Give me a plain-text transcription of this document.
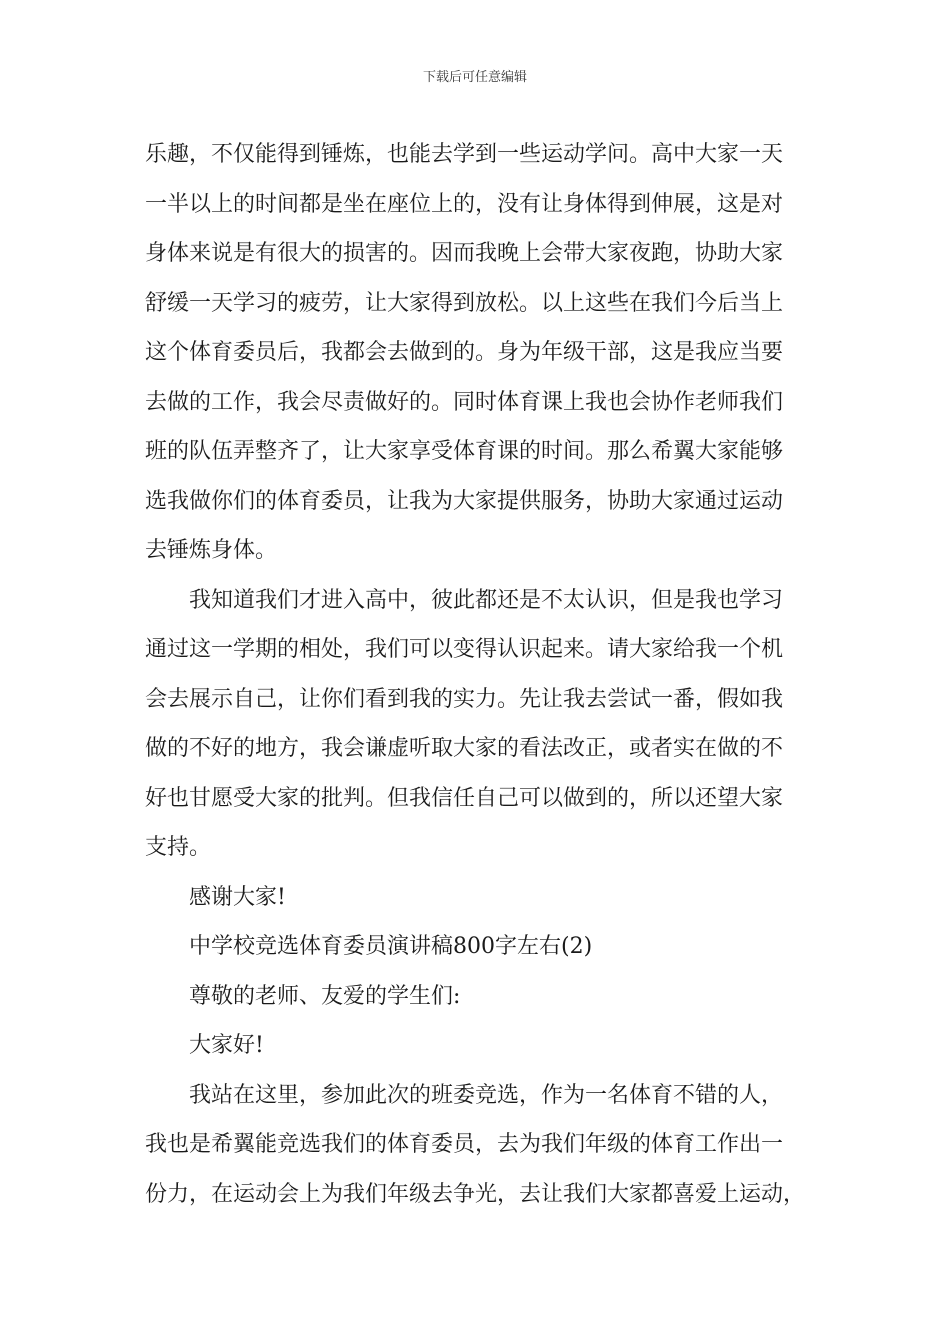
下载后可任意编辑

乐趣，不仅能得到锤炼，也能去学到一些运动学问。高中大家一天
一半以上的时间都是坐在座位上的，没有让身体得到伸展，这是对
身体来说是有很大的损害的。因而我晚上会带大家夜跑，协助大家
舒缓一天学习的疲劳，让大家得到放松。以上这些在我们今后当上
这个体育委员后，我都会去做到的。身为年级干部，这是我应当要
去做的工作，我会尽责做好的。同时体育课上我也会协作老师我们
班的队伍弄整齐了，让大家享受体育课的时间。那么希翼大家能够
选我做你们的体育委员，让我为大家提供服务，协助大家通过运动
去锤炼身体。

我知道我们才进入高中，彼此都还是不太认识，但是我也学习
通过这一学期的相处，我们可以变得认识起来。请大家给我一个机
会去展示自己，让你们看到我的实力。先让我去尝试一番，假如我
做的不好的地方，我会谦虚听取大家的看法改正，或者实在做的不
好也甘愿受大家的批判。但我信任自己可以做到的，所以还望大家
支持。

感谢大家!

中学校竞选体育委员演讲稿800字左右(2)

尊敬的老师、友爱的学生们:

大家好!

我站在这里，参加此次的班委竞选，作为一名体育不错的人，
我也是希翼能竞选我们的体育委员，去为我们年级的体育工作出一
份力，在运动会上为我们年级去争光，去让我们大家都喜爱上运动，
